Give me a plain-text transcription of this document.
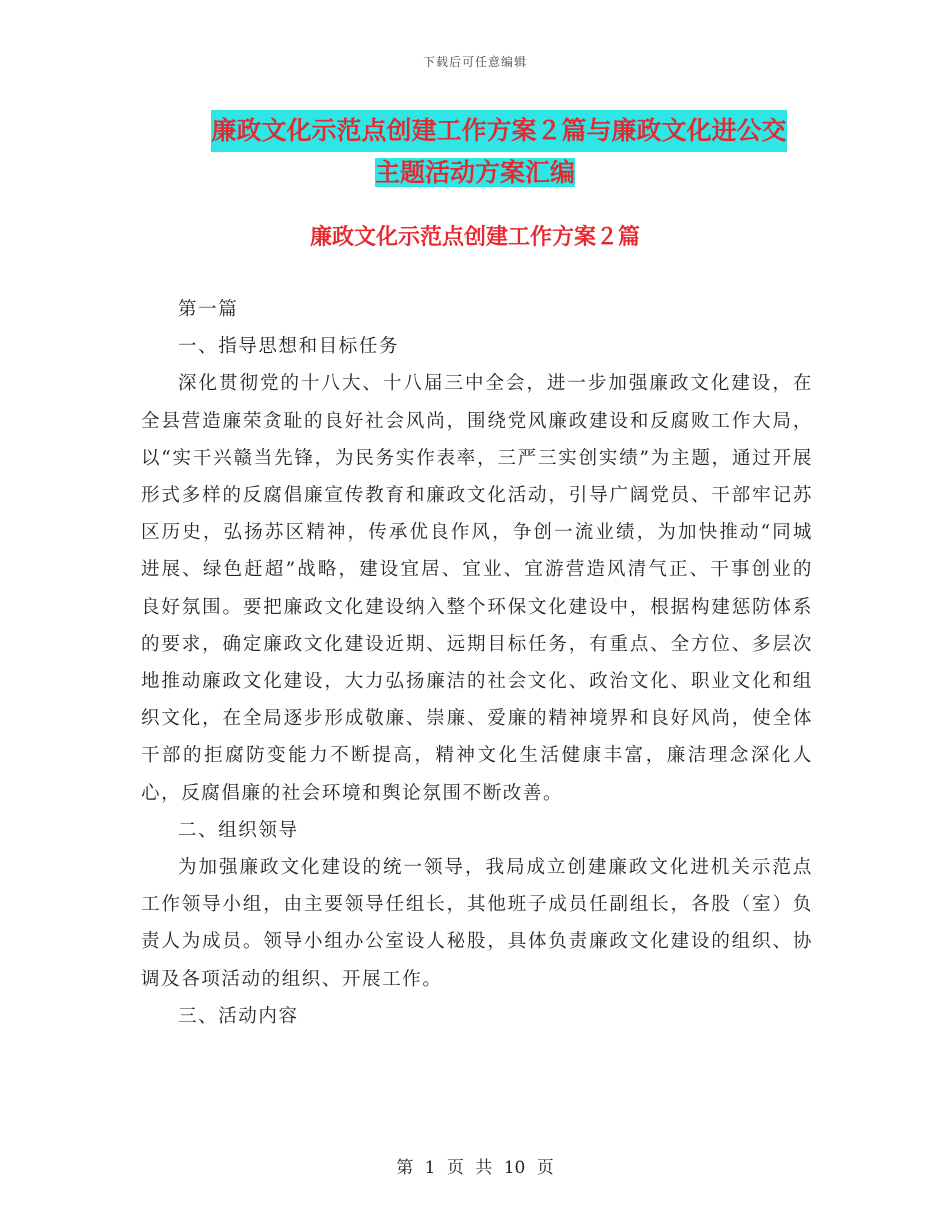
下载后可任意编辑
廉政文化示范点创建工作方案２篇与廉政文化进公交
主题活动方案汇编
廉政文化示范点创建工作方案２篇

第一篇

一、指导思想和目标任务

深化贯彻党的十八大、十八届三中全会，进一步加强廉政文化建设，在全县营造廉荣贪耻的良好社会风尚，围绕党风廉政建设和反腐败工作大局，以“实干兴赣当先锋，为民务实作表率，三严三实创实绩”为主题，通过开展形式多样的反腐倡廉宣传教育和廉政文化活动，引导广阔党员、干部牢记苏区历史，弘扬苏区精神，传承优良作风，争创一流业绩，为加快推动“同城进展、绿色赶超”战略，建设宜居、宜业、宜游营造风清气正、干事创业的良好氛围。要把廉政文化建设纳入整个环保文化建设中，根据构建惩防体系的要求，确定廉政文化建设近期、远期目标任务，有重点、全方位、多层次地推动廉政文化建设，大力弘扬廉洁的社会文化、政治文化、职业文化和组织文化，在全局逐步形成敬廉、崇廉、爱廉的精神境界和良好风尚，使全体干部的拒腐防变能力不断提高，精神文化生活健康丰富，廉洁理念深化人心，反腐倡廉的社会环境和舆论氛围不断改善。

二、组织领导

为加强廉政文化建设的统一领导，我局成立创建廉政文化进机关示范点工作领导小组，由主要领导任组长，其他班子成员任副组长，各股（室）负责人为成员。领导小组办公室设人秘股，具体负责廉政文化建设的组织、协调及各项活动的组织、开展工作。

三、活动内容

第 1 页 共 10 页
